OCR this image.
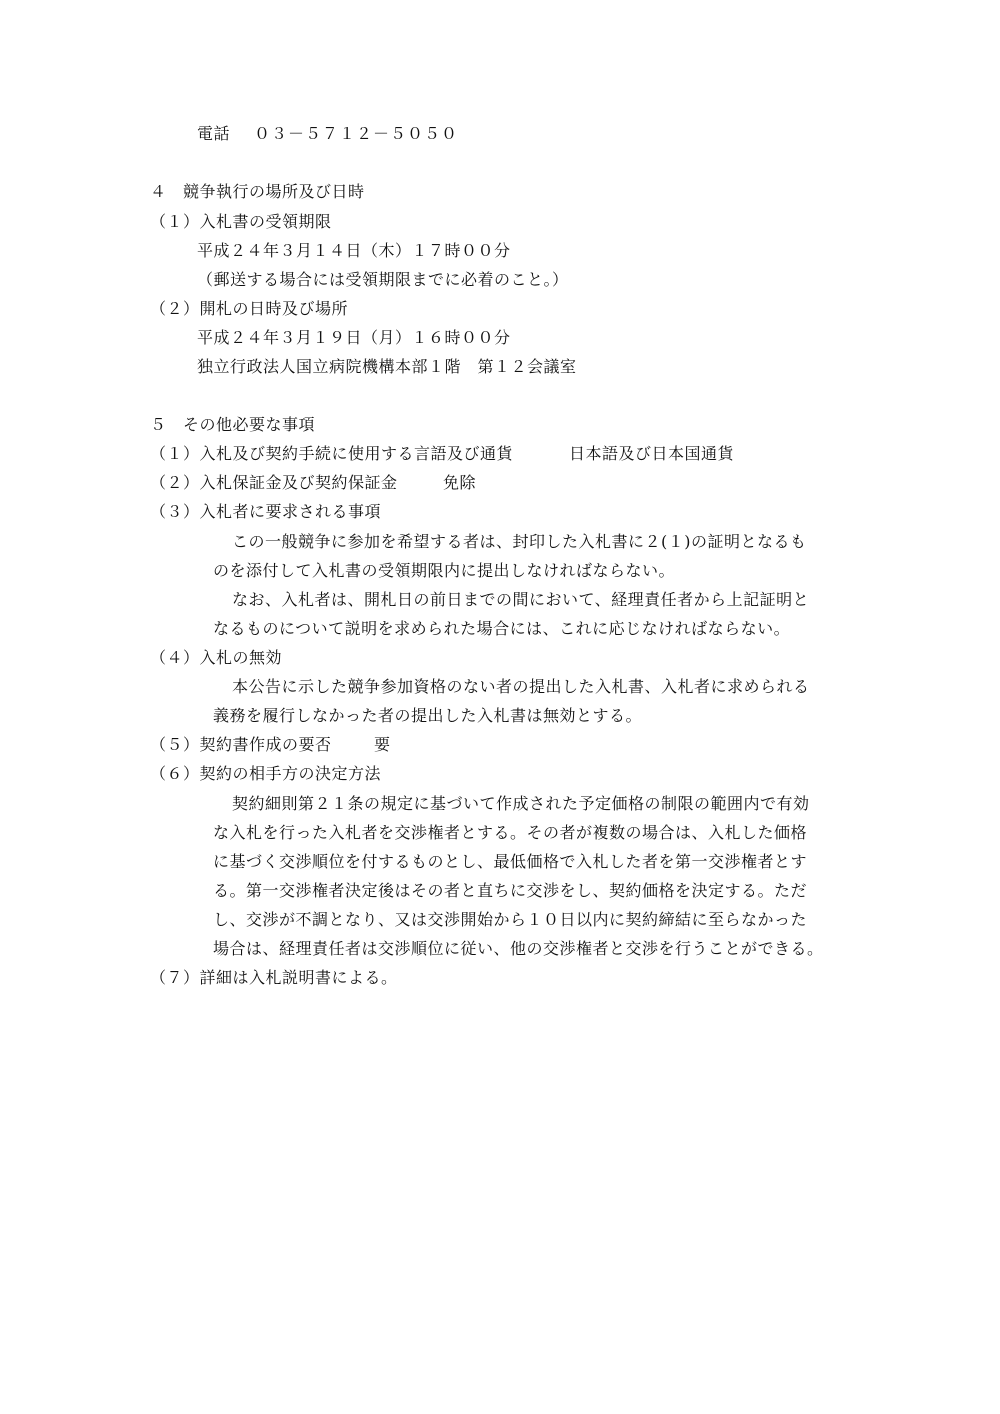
電話 ０３－５７１２－５０５０
４　競争執行の場所及び日時
（１）入札書の受領期限
平成２４年３月１４日（木）１７時００分
（郵送する場合には受領期限までに必着のこと。）
（２）開札の日時及び場所
平成２４年３月１９日（月）１６時００分
独立行政法人国立病院機構本部１階　第１２会議室
５　その他必要な事項
（１）入札及び契約手続に使用する言語及び通貨	日本語及び日本国通貨
（２）入札保証金及び契約保証金	免除
（３）入札者に要求される事項
この一般競争に参加を希望する者は、封印した入札書に２(１)の証明となるも
のを添付して入札書の受領期限内に提出しなければならない。
なお、入札者は、開札日の前日までの間において、経理責任者から上記証明と
なるものについて説明を求められた場合には、これに応じなければならない。
（４）入札の無効
本公告に示した競争参加資格のない者の提出した入札書、入札者に求められる
義務を履行しなかった者の提出した入札書は無効とする。
（５）契約書作成の要否	要
（６）契約の相手方の決定方法
契約細則第２１条の規定に基づいて作成された予定価格の制限の範囲内で有効
な入札を行った入札者を交渉権者とする。その者が複数の場合は、入札した価格
に基づく交渉順位を付するものとし、最低価格で入札した者を第一交渉権者とす
る。第一交渉権者決定後はその者と直ちに交渉をし、契約価格を決定する。ただ
し、交渉が不調となり、又は交渉開始から１０日以内に契約締結に至らなかった
場合は、経理責任者は交渉順位に従い、他の交渉権者と交渉を行うことができる。
（７）詳細は入札説明書による。
